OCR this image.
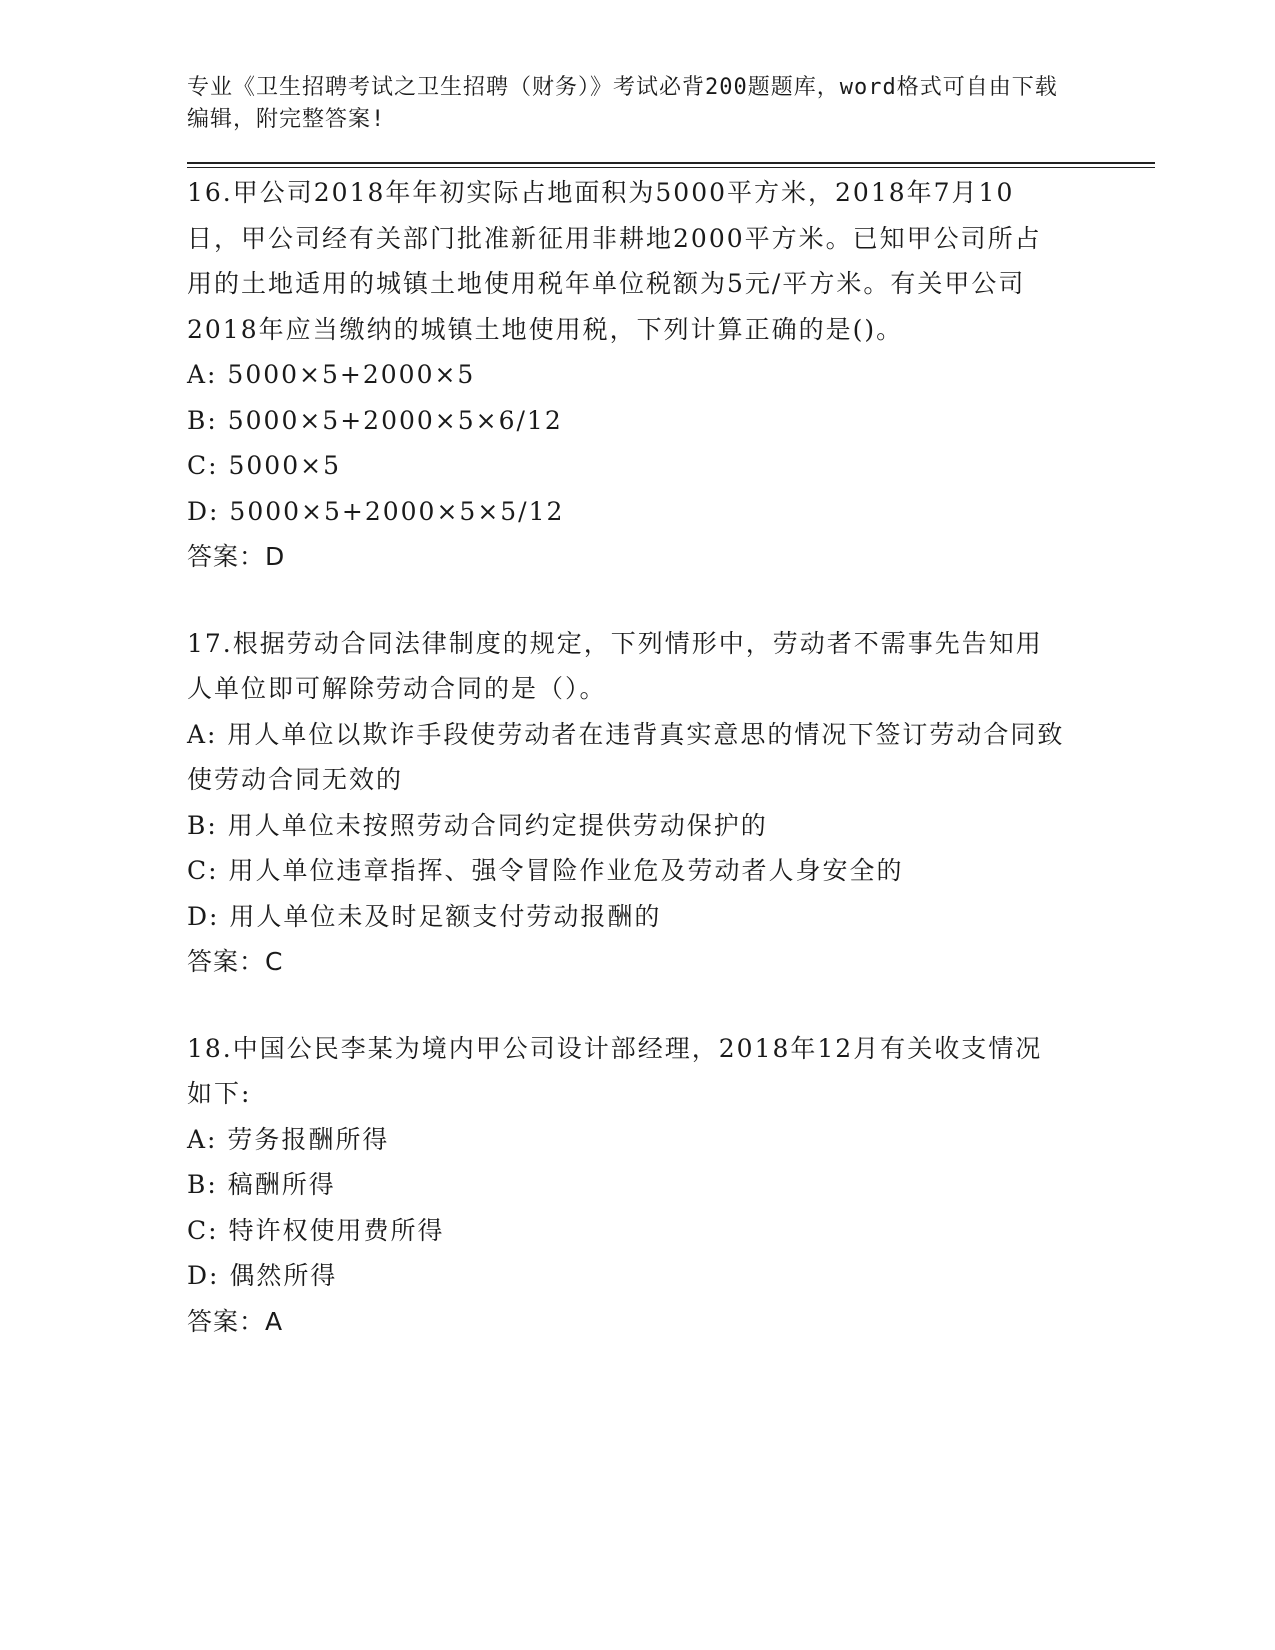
专业《卫生招聘考试之卫生招聘（财务）》考试必背200题题库，word格式可自由下载编辑，附完整答案!

16.甲公司2018年年初实际占地面积为5000平方米，2018年7月10日，甲公司经有关部门批准新征用非耕地2000平方米。已知甲公司所占用的土地适用的城镇土地使用税年单位税额为5元/平方米。有关甲公司2018年应当缴纳的城镇土地使用税，下列计算正确的是()。

A: 5000×5+2000×5

B: 5000×5+2000×5×6/12

C: 5000×5

D: 5000×5+2000×5×5/12

答案：D

17.根据劳动合同法律制度的规定，下列情形中，劳动者不需事先告知用人单位即可解除劳动合同的是（）。

A: 用人单位以欺诈手段使劳动者在违背真实意思的情况下签订劳动合同致使劳动合同无效的

B: 用人单位未按照劳动合同约定提供劳动保护的

C: 用人单位违章指挥、强令冒险作业危及劳动者人身安全的

D: 用人单位未及时足额支付劳动报酬的

答案：C

18.中国公民李某为境内甲公司设计部经理，2018年12月有关收支情况如下:

A: 劳务报酬所得

B: 稿酬所得

C: 特许权使用费所得

D: 偶然所得

答案：A
